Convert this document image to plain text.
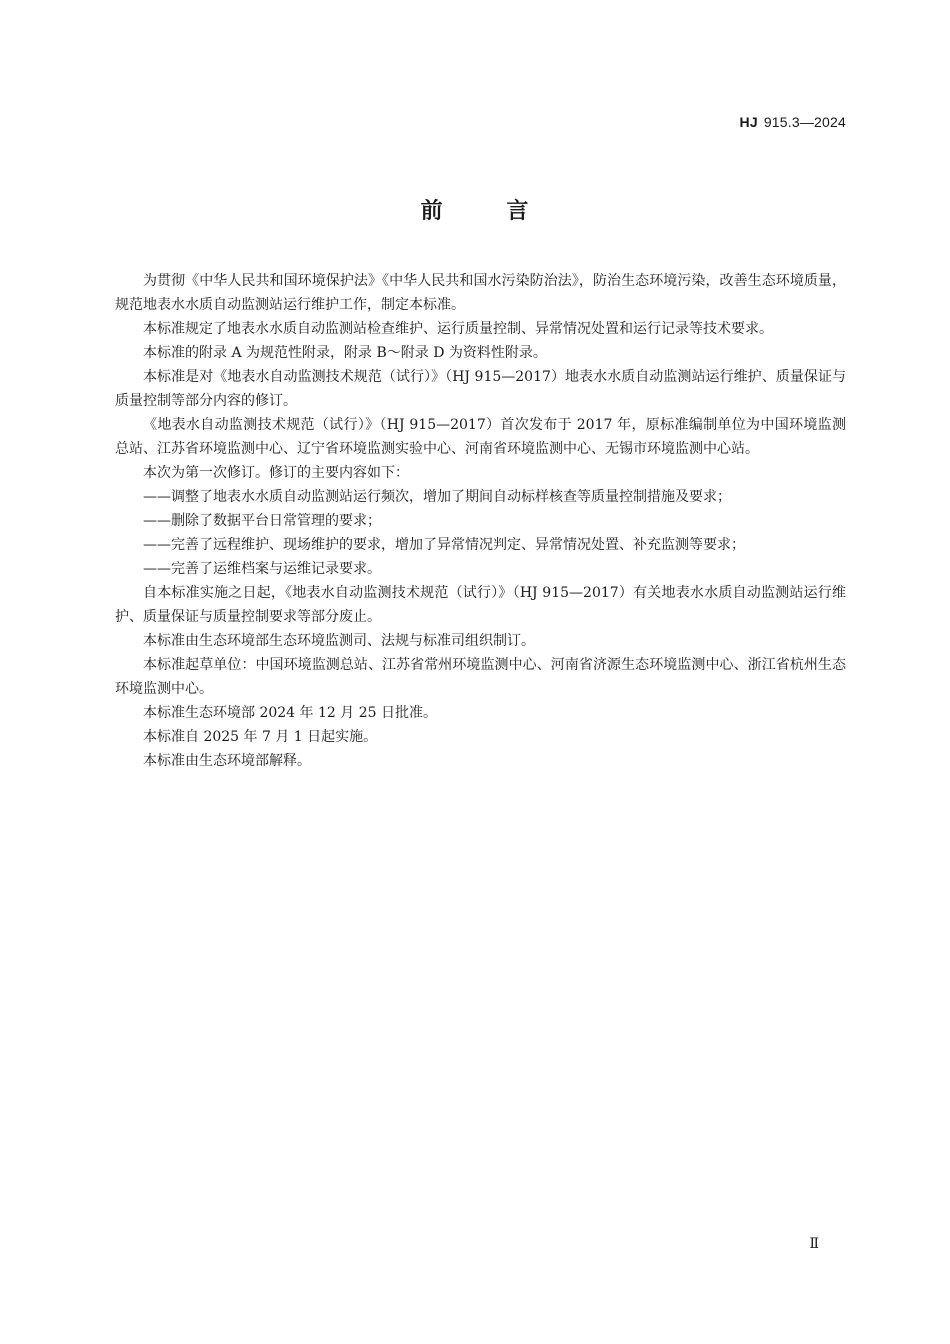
HJ 915.3—2024
前 言

为贯彻《中华人民共和国环境保护法》《中华人民共和国水污染防治法》，防治生态环境污染，改善生态环境质量，规范地表水水质自动监测站运行维护工作，制定本标准。

本标准规定了地表水水质自动监测站检查维护、运行质量控制、异常情况处置和运行记录等技术要求。

本标准的附录 A 为规范性附录，附录 B～附录 D 为资料性附录。

本标准是对《地表水自动监测技术规范（试行）》（HJ 915—2017）地表水水质自动监测站运行维护、质量保证与质量控制等部分内容的修订。

《地表水自动监测技术规范（试行）》（HJ 915—2017）首次发布于 2017 年，原标准编制单位为中国环境监测总站、江苏省环境监测中心、辽宁省环境监测实验中心、河南省环境监测中心、无锡市环境监测中心站。

本次为第一次修订。修订的主要内容如下：

——调整了地表水水质自动监测站运行频次，增加了期间自动标样核查等质量控制措施及要求；

——删除了数据平台日常管理的要求；

——完善了远程维护、现场维护的要求，增加了异常情况判定、异常情况处置、补充监测等要求；

——完善了运维档案与运维记录要求。

自本标准实施之日起，《地表水自动监测技术规范（试行）》（HJ 915—2017）有关地表水水质自动监测站运行维护、质量保证与质量控制要求等部分废止。

本标准由生态环境部生态环境监测司、法规与标准司组织制订。

本标准起草单位：中国环境监测总站、江苏省常州环境监测中心、河南省济源生态环境监测中心、浙江省杭州生态环境监测中心。

本标准生态环境部 2024 年 12 月 25 日批准。

本标准自 2025 年 7 月 1 日起实施。

本标准由生态环境部解释。

Ⅱ
